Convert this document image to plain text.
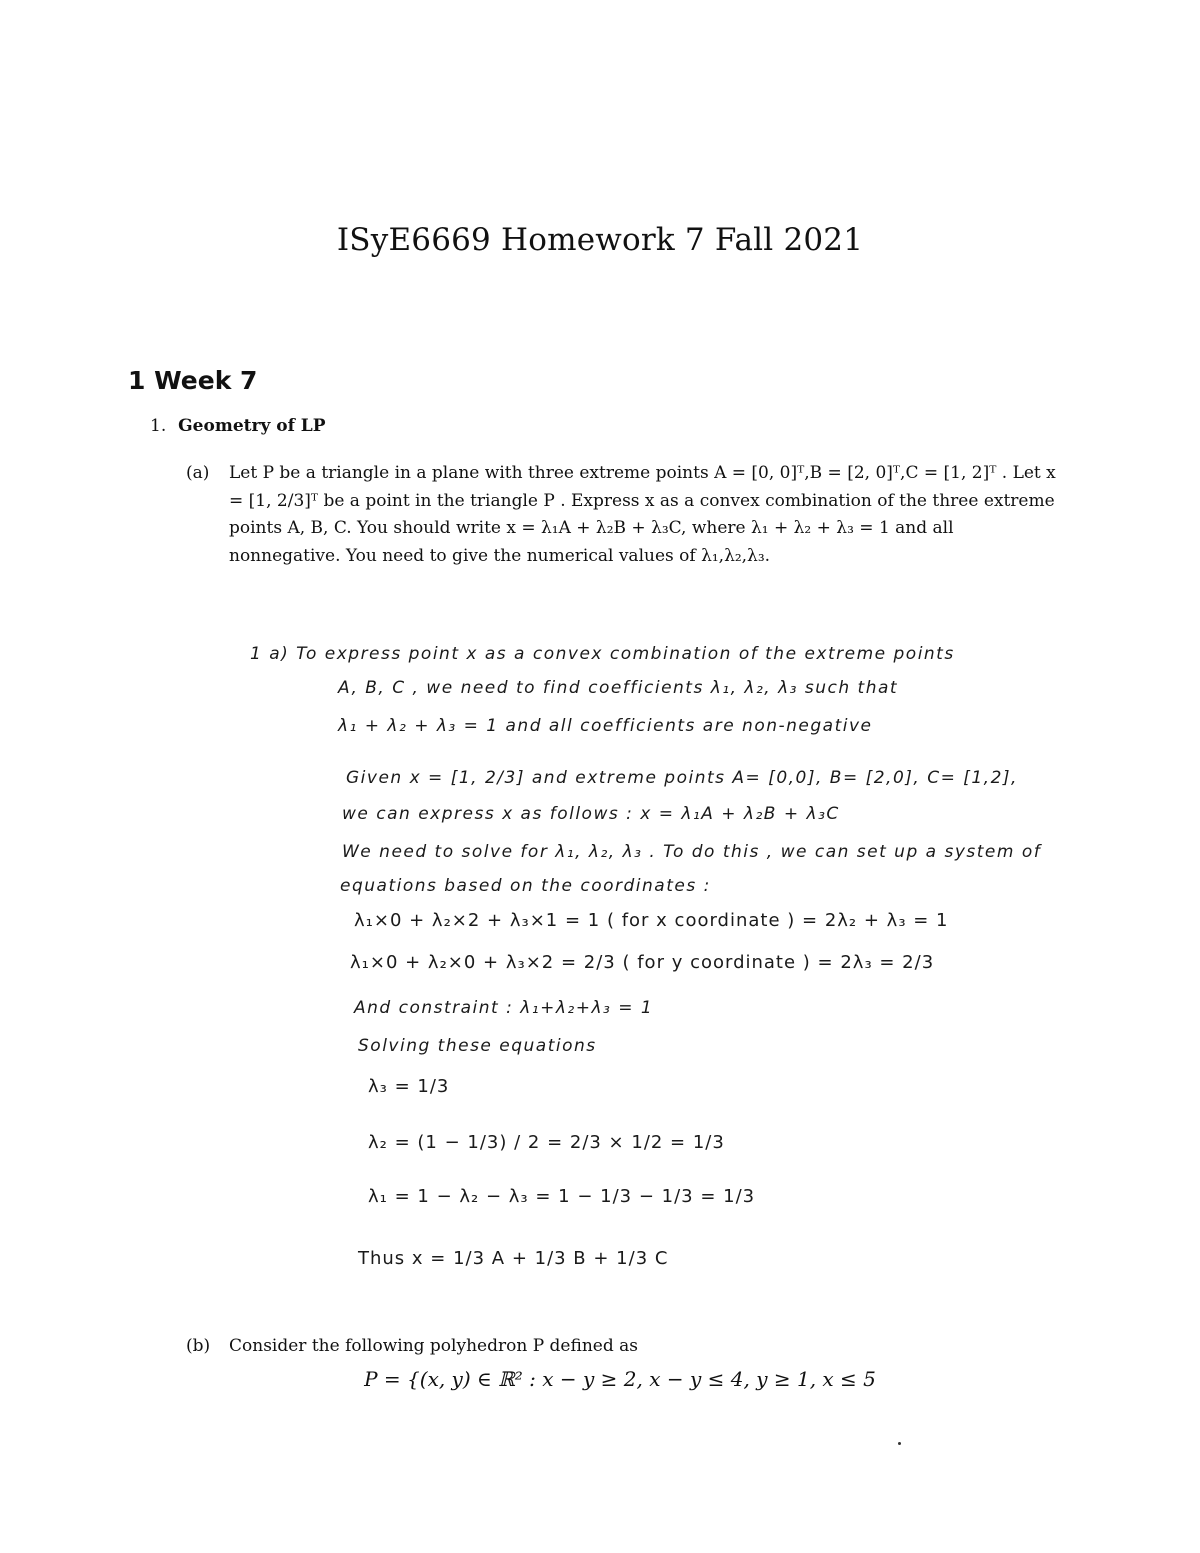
ISyE6669 Homework 7 Fall 2021
1 Week 7
1. Geometry of LP
(a) Let P be a triangle in a plane with three extreme points A = [0, 0]ᵀ,B = [2, 0]ᵀ,C = [1, 2]ᵀ . Let x = [1, 2/3]ᵀ be a point in the triangle P . Express x as a convex combination of the three extreme points A, B, C. You should write x = λ₁A + λ₂B + λ₃C, where λ₁ + λ₂ + λ₃ = 1 and all nonnegative. You need to give the numerical values of λ₁,λ₂,λ₃.
1 a) To express point x as a convex combination of the extreme points
A, B, C , we need to find coefficients λ₁, λ₂, λ₃ such that
λ₁ + λ₂ + λ₃ = 1 and all coefficients are non-negative
Given x = [1, 2/3] and extreme points A= [0,0], B= [2,0], C= [1,2],
we can express x as follows : x = λ₁A + λ₂B + λ₃C
We need to solve for λ₁, λ₂, λ₃ . To do this , we can set up a system of
equations based on the coordinates :
λ₁×0 + λ₂×2 + λ₃×1 = 1 ( for x coordinate ) = 2λ₂ + λ₃ = 1
λ₁×0 + λ₂×0 + λ₃×2 = 2/3 ( for y coordinate ) = 2λ₃ = 2/3
And constraint : λ₁+λ₂+λ₃ = 1
Solving these equations
λ₃ = 1/3
λ₂ = (1 − 1/3) / 2 = 2/3 × 1/2 = 1/3
λ₁ = 1 − λ₂ − λ₃ = 1 − 1/3 − 1/3 = 1/3
Thus x = 1/3 A + 1/3 B + 1/3 C
(b) Consider the following polyhedron P defined as
P = {(x, y) ∈ ℝ² : x − y ≥ 2, x − y ≤ 4, y ≥ 1, x ≤ 5
